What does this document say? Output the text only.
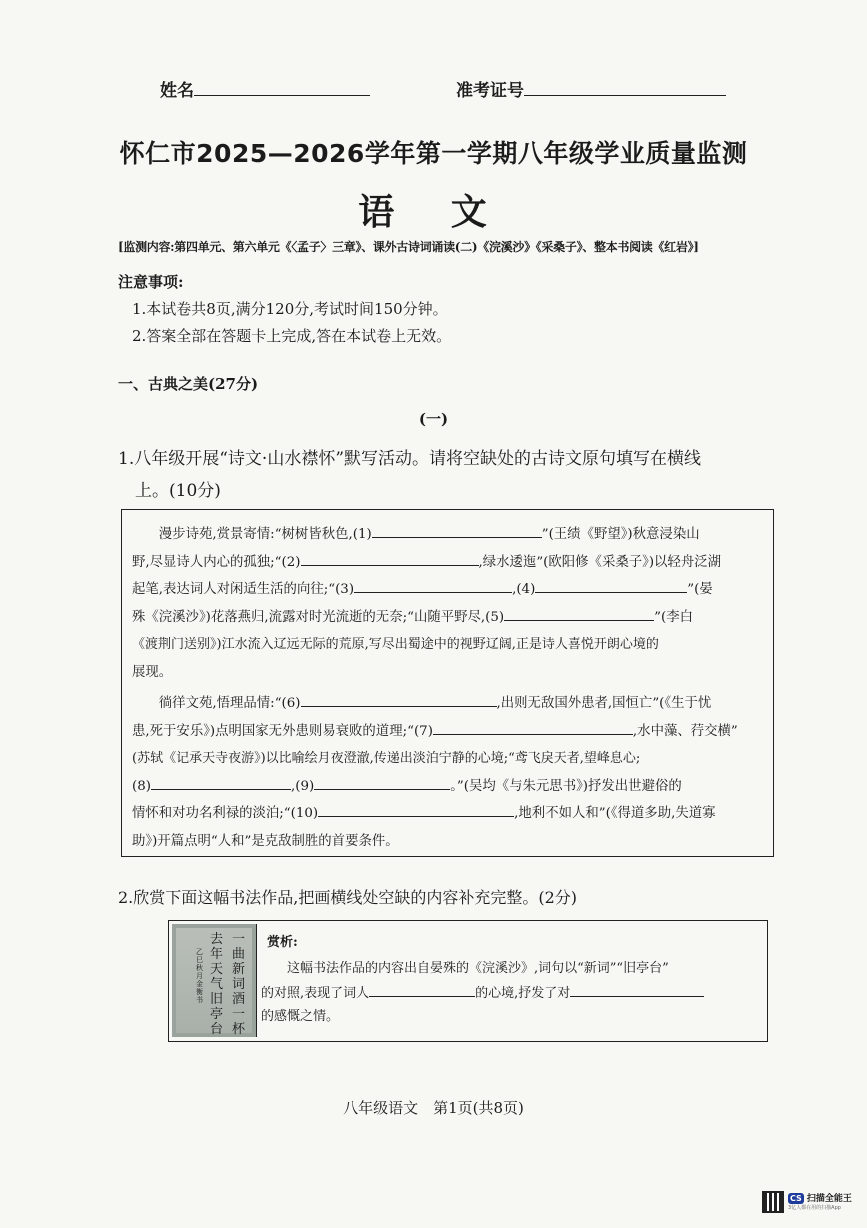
姓名	准考证号
怀仁市2025—2026学年第一学期八年级学业质量监测
语 文
[监测内容:第四单元、第六单元《〈孟子〉三章》、课外古诗词诵读(二)《浣溪沙》《采桑子》、整本书阅读《红岩》]
注意事项:
1.本试卷共8页,满分120分,考试时间150分钟。
2.答案全部在答题卡上完成,答在本试卷上无效。
一、古典之美(27分)
(一)
1.八年级开展“诗文·山水襟怀”默写活动。请将空缺处的古诗文原句填写在横线
上。(10分)

漫步诗苑,赏景寄情:“树树皆秋色,(1)	”(王绩《野望》)秋意浸染山

野,尽显诗人内心的孤独;“(2)	,绿水逶迤”(欧阳修《采桑子》)以轻舟泛湖

起笔,表达词人对闲适生活的向往;“(3)	,(4)	”(晏

殊《浣溪沙》)花落燕归,流露对时光流逝的无奈;“山随平野尽,(5)	”(李白

《渡荆门送别》)江水流入辽远无际的荒原,写尽出蜀途中的视野辽阔,正是诗人喜悦开朗心境的

展现。

徜徉文苑,悟理品情:“(6)	,出则无敌国外患者,国恒亡”(《生于忧

患,死于安乐》)点明国家无外患则易衰败的道理;“(7)	,水中藻、荇交横”

(苏轼《记承天寺夜游》)以比喻绘月夜澄澈,传递出淡泊宁静的心境;“鸢飞戾天者,望峰息心;

(8)	,(9)	。”(吴均《与朱元思书》)抒发出世避俗的

情怀和对功名利禄的淡泊;“(10)	,地利不如人和”(《得道多助,失道寡

助》)开篇点明“人和”是克敌制胜的首要条件。

2.欣赏下面这幅书法作品,把画横线处空缺的内容补充完整。(2分)
一曲新词酒一杯
去年天气旧亭台
乙巳秋月金衡书
赏析:
这幅书法作品的内容出自晏殊的《浣溪沙》,词句以“新词”“旧亭台”
的对照,表现了词人	的心境,抒发了对
的感慨之情。
八年级语文　第1页(共8页)
CS 扫描全能王
3亿人都在用的扫描App
